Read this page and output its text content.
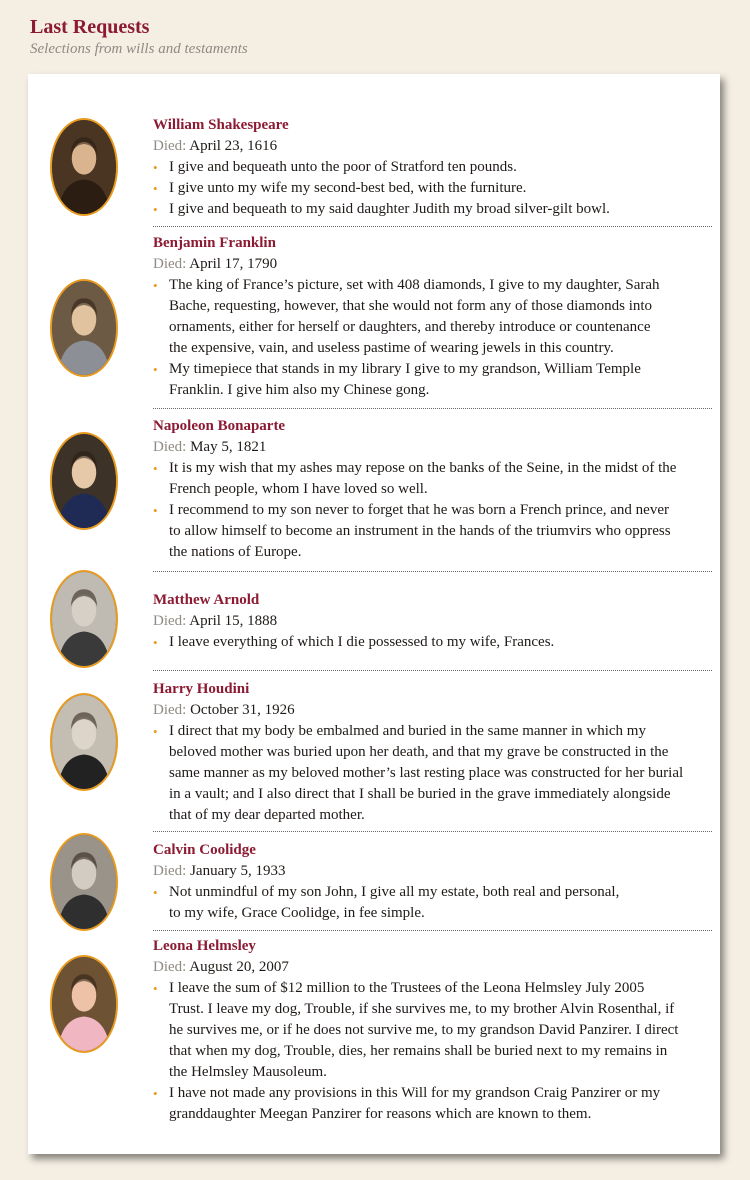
Last Requests
Selections from wills and testaments
William Shakespeare
Died: April 23, 1616
• I give and bequeath unto the poor of Stratford ten pounds.
• I give unto my wife my second-best bed, with the furniture.
• I give and bequeath to my said daughter Judith my broad silver-gilt bowl.
Benjamin Franklin
Died: April 17, 1790
• The king of France’s picture, set with 408 diamonds, I give to my daughter, Sarah
Bache, requesting, however, that she would not form any of those diamonds into
ornaments, either for herself or daughters, and thereby introduce or countenance
the expensive, vain, and useless pastime of wearing jewels in this country.
• My timepiece that stands in my library I give to my grandson, William Temple
Franklin. I give him also my Chinese gong.
Napoleon Bonaparte
Died: May 5, 1821
• It is my wish that my ashes may repose on the banks of the Seine, in the midst of the
French people, whom I have loved so well.
• I recommend to my son never to forget that he was born a French prince, and never
to allow himself to become an instrument in the hands of the triumvirs who oppress
the nations of Europe.
Matthew Arnold
Died: April 15, 1888
• I leave everything of which I die possessed to my wife, Frances.
Harry Houdini
Died: October 31, 1926
• I direct that my body be embalmed and buried in the same manner in which my
beloved mother was buried upon her death, and that my grave be constructed in the
same manner as my beloved mother’s last resting place was constructed for her burial
in a vault; and I also direct that I shall be buried in the grave immediately alongside
that of my dear departed mother.
Calvin Coolidge
Died: January 5, 1933
• Not unmindful of my son John, I give all my estate, both real and personal,
to my wife, Grace Coolidge, in fee simple.
Leona Helmsley
Died: August 20, 2007
• I leave the sum of $12 million to the Trustees of the Leona Helmsley July 2005
Trust. I leave my dog, Trouble, if she survives me, to my brother Alvin Rosenthal, if
he survives me, or if he does not survive me, to my grandson David Panzirer. I direct
that when my dog, Trouble, dies, her remains shall be buried next to my remains in
the Helmsley Mausoleum.
• I have not made any provisions in this Will for my grandson Craig Panzirer or my
granddaughter Meegan Panzirer for reasons which are known to them.
